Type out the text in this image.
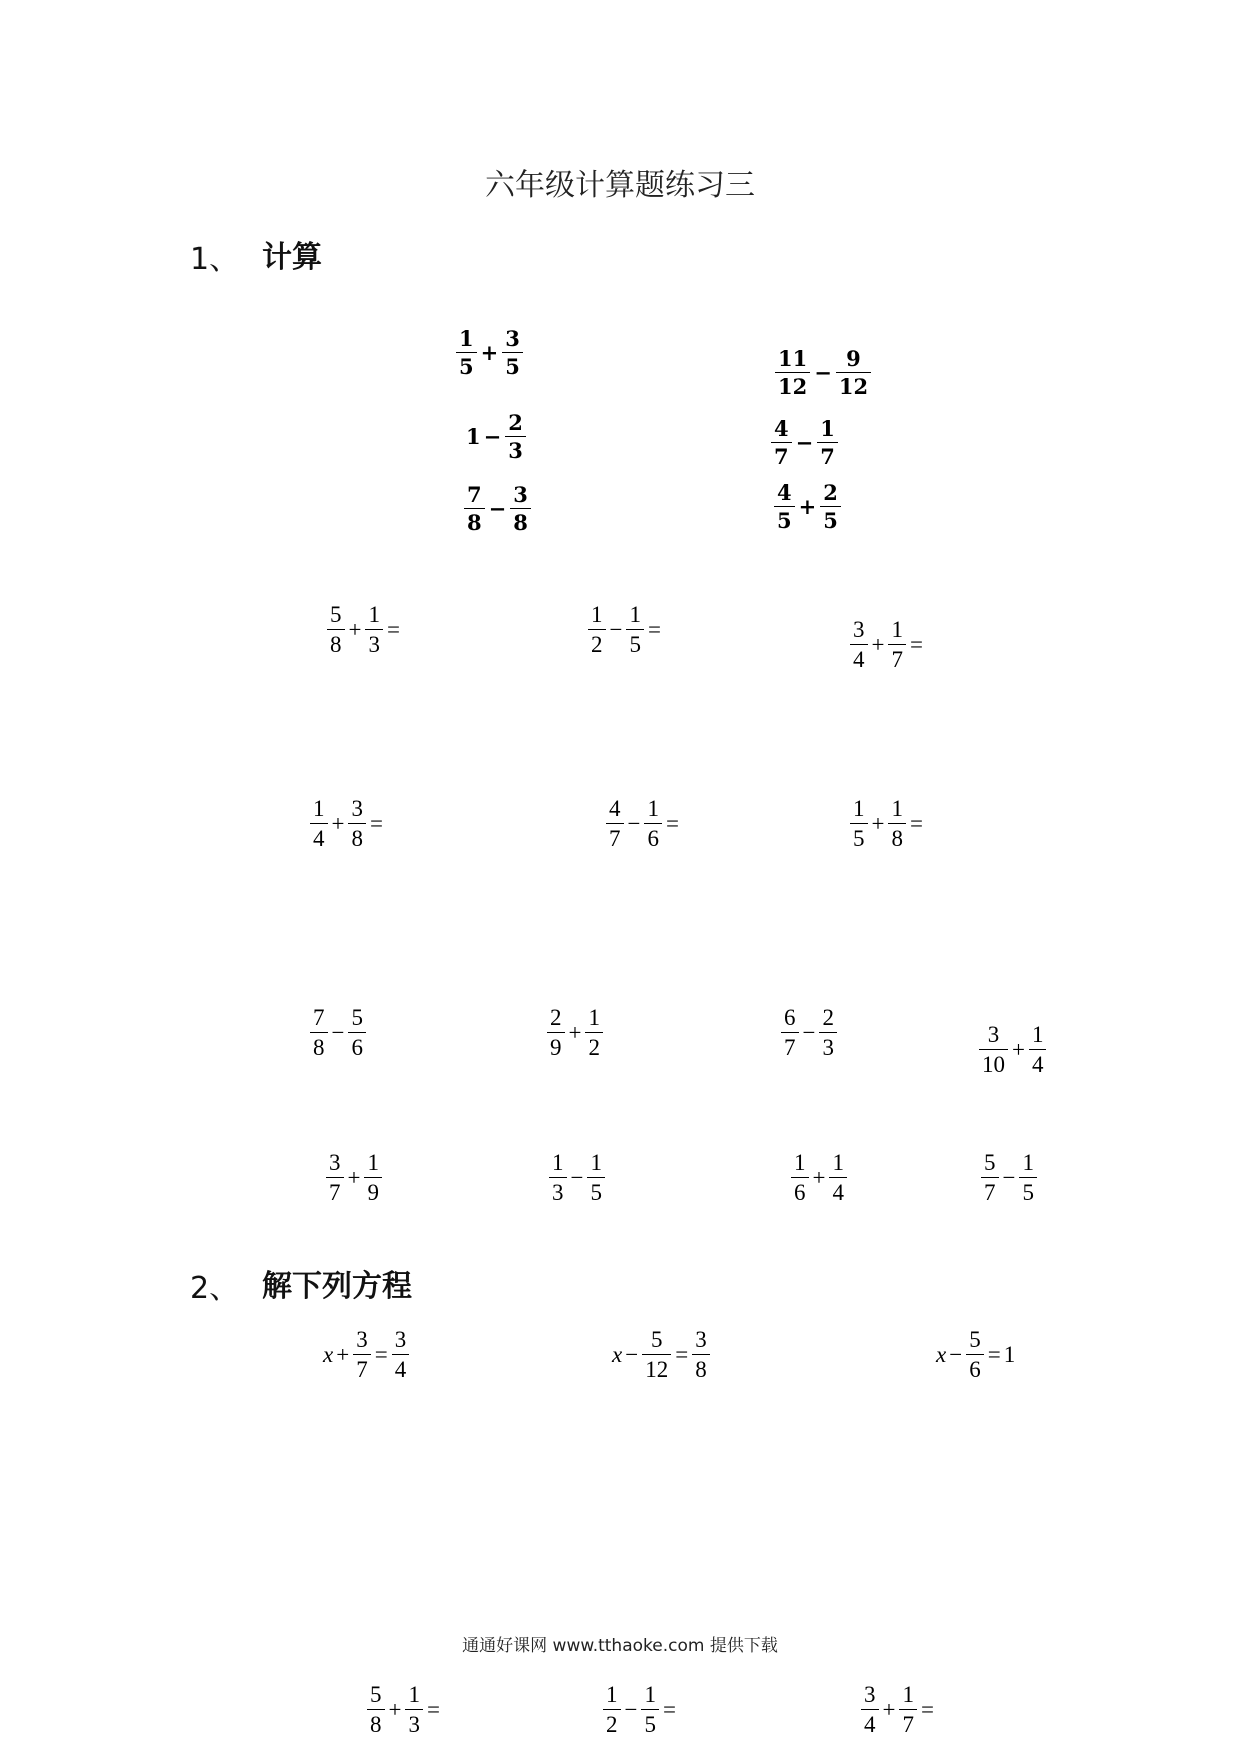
六年级计算题练习三
1、 计算
$\frac{1}{5} + \frac{3}{5}$	$\frac{11}{12} - \frac{9}{12}$
$1 - \frac{2}{3}$	$\frac{4}{7} - \frac{1}{7}$
$\frac{7}{8} - \frac{3}{8}$	$\frac{4}{5} + \frac{2}{5}$
$\frac{5}{8} + \frac{1}{3}$ =	$\frac{1}{2} - \frac{1}{5}$ =	$\frac{3}{4} + \frac{1}{7}$ =
$\frac{1}{4} + \frac{3}{8}$ =	$\frac{4}{7} - \frac{1}{6}$ =	$\frac{1}{5} + \frac{1}{8}$ =
$\frac{7}{8} - \frac{5}{6}$	$\frac{2}{9} + \frac{1}{2}$	$\frac{6}{7} - \frac{2}{3}$	$\frac{3}{10} + \frac{1}{4}$
$\frac{3}{7} + \frac{1}{9}$	$\frac{1}{3} - \frac{1}{5}$	$\frac{1}{6} + \frac{1}{4}$	$\frac{5}{7} - \frac{1}{5}$
2、 解下列方程
$x + \frac{3}{7} = \frac{3}{4}$	$x - \frac{5}{12} = \frac{3}{8}$	$x - \frac{5}{6} = 1$
通通好课网 www.tthaoke.com 提供下载
$\frac{5}{8} + \frac{1}{3}$ =	$\frac{1}{2} - \frac{1}{5}$ =	$\frac{3}{4} + \frac{1}{7}$ =
